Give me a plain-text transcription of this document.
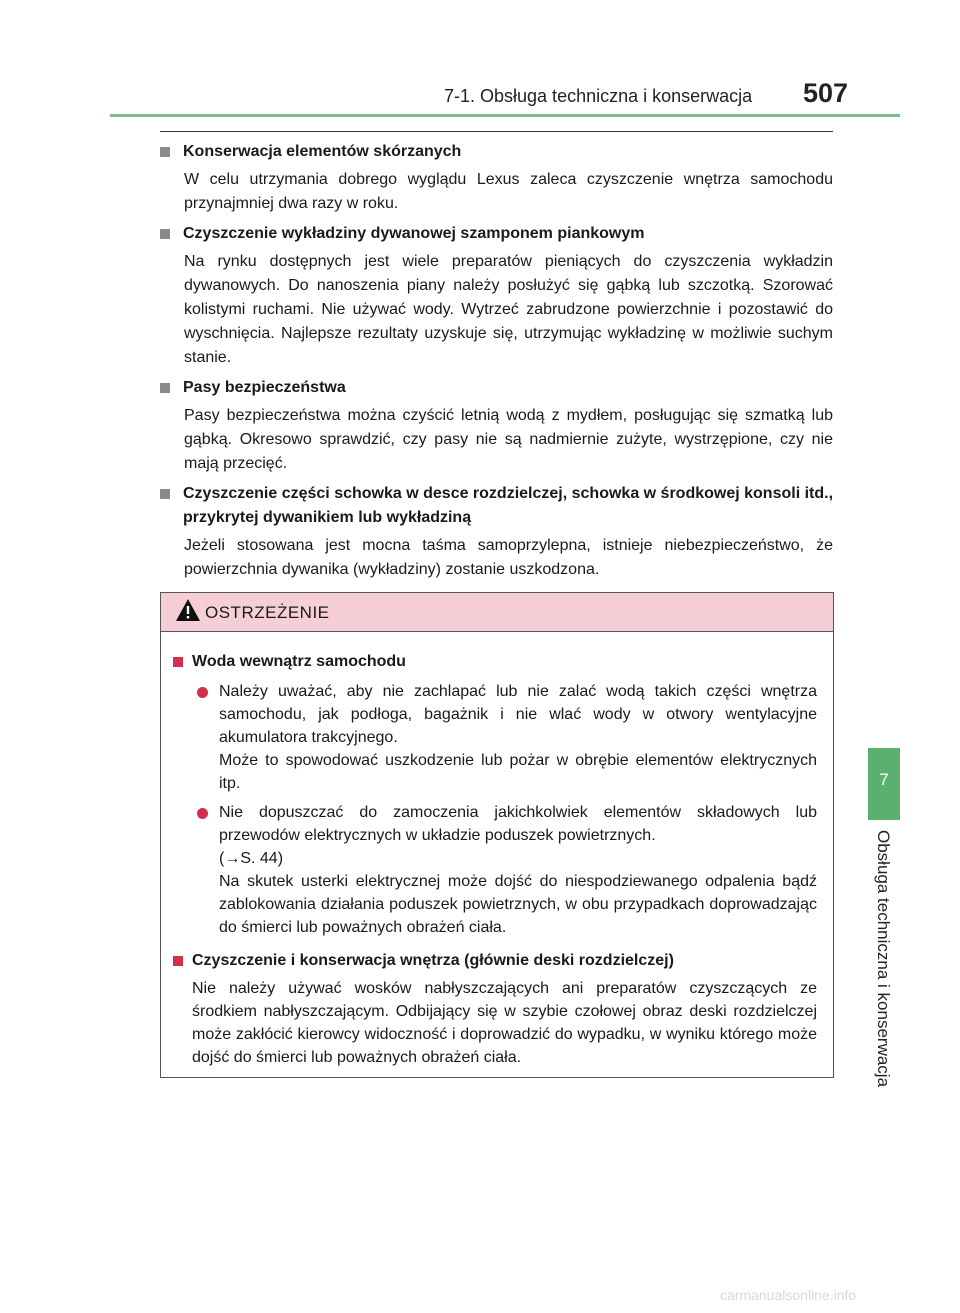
7-1. Obsługa techniczna i konserwacja 507
7
Obsługa techniczna i konserwacja
Konserwacja elementów skórzanych
W celu utrzymania dobrego wyglądu Lexus zaleca czyszczenie wnętrza samochodu przynajmniej dwa razy w roku.
Czyszczenie wykładziny dywanowej szamponem piankowym
Na rynku dostępnych jest wiele preparatów pieniących do czyszczenia wykładzin dywanowych. Do nanoszenia piany należy posłużyć się gąbką lub szczotką. Szorować kolistymi ruchami. Nie używać wody. Wytrzeć zabrudzone powierzchnie i pozostawić do wyschnięcia. Najlepsze rezultaty uzyskuje się, utrzymując wykładzinę w możliwie suchym stanie.
Pasy bezpieczeństwa
Pasy bezpieczeństwa można czyścić letnią wodą z mydłem, posługując się szmatką lub gąbką. Okresowo sprawdzić, czy pasy nie są nadmiernie zużyte, wystrzępione, czy nie mają przecięć.
Czyszczenie części schowka w desce rozdzielczej, schowka w środkowej konsoli itd., przykrytej dywanikiem lub wykładziną
Jeżeli stosowana jest mocna taśma samoprzylepna, istnieje niebezpieczeństwo, że powierzchnia dywanika (wykładziny) zostanie uszkodzona.
OSTRZEŻENIE
Woda wewnątrz samochodu

Należy uważać, aby nie zachlapać lub nie zalać wodą takich części wnętrza samochodu, jak podłoga, bagażnik i nie wlać wody w otwory wentylacyjne akumulatora trakcyjnego.

Może to spowodować uszkodzenie lub pożar w obrębie elementów elektrycznych itp.

Nie dopuszczać do zamoczenia jakichkolwiek elementów składowych lub przewodów elektrycznych w układzie poduszek powietrznych.

(→S. 44)

Na skutek usterki elektrycznej może dojść do niespodziewanego odpalenia bądź zablokowania działania poduszek powietrznych, w obu przypadkach doprowadzając do śmierci lub poważnych obrażeń ciała.

Czyszczenie i konserwacja wnętrza (głównie deski rozdzielczej)
Nie należy używać wosków nabłyszczających ani preparatów czyszczących ze środkiem nabłyszczającym. Odbijający się w szybie czołowej obraz deski rozdzielczej może zakłócić kierowcy widoczność i doprowadzić do wypadku, w wyniku którego może dojść do śmierci lub poważnych obrażeń ciała.
carmanualsonline.info
